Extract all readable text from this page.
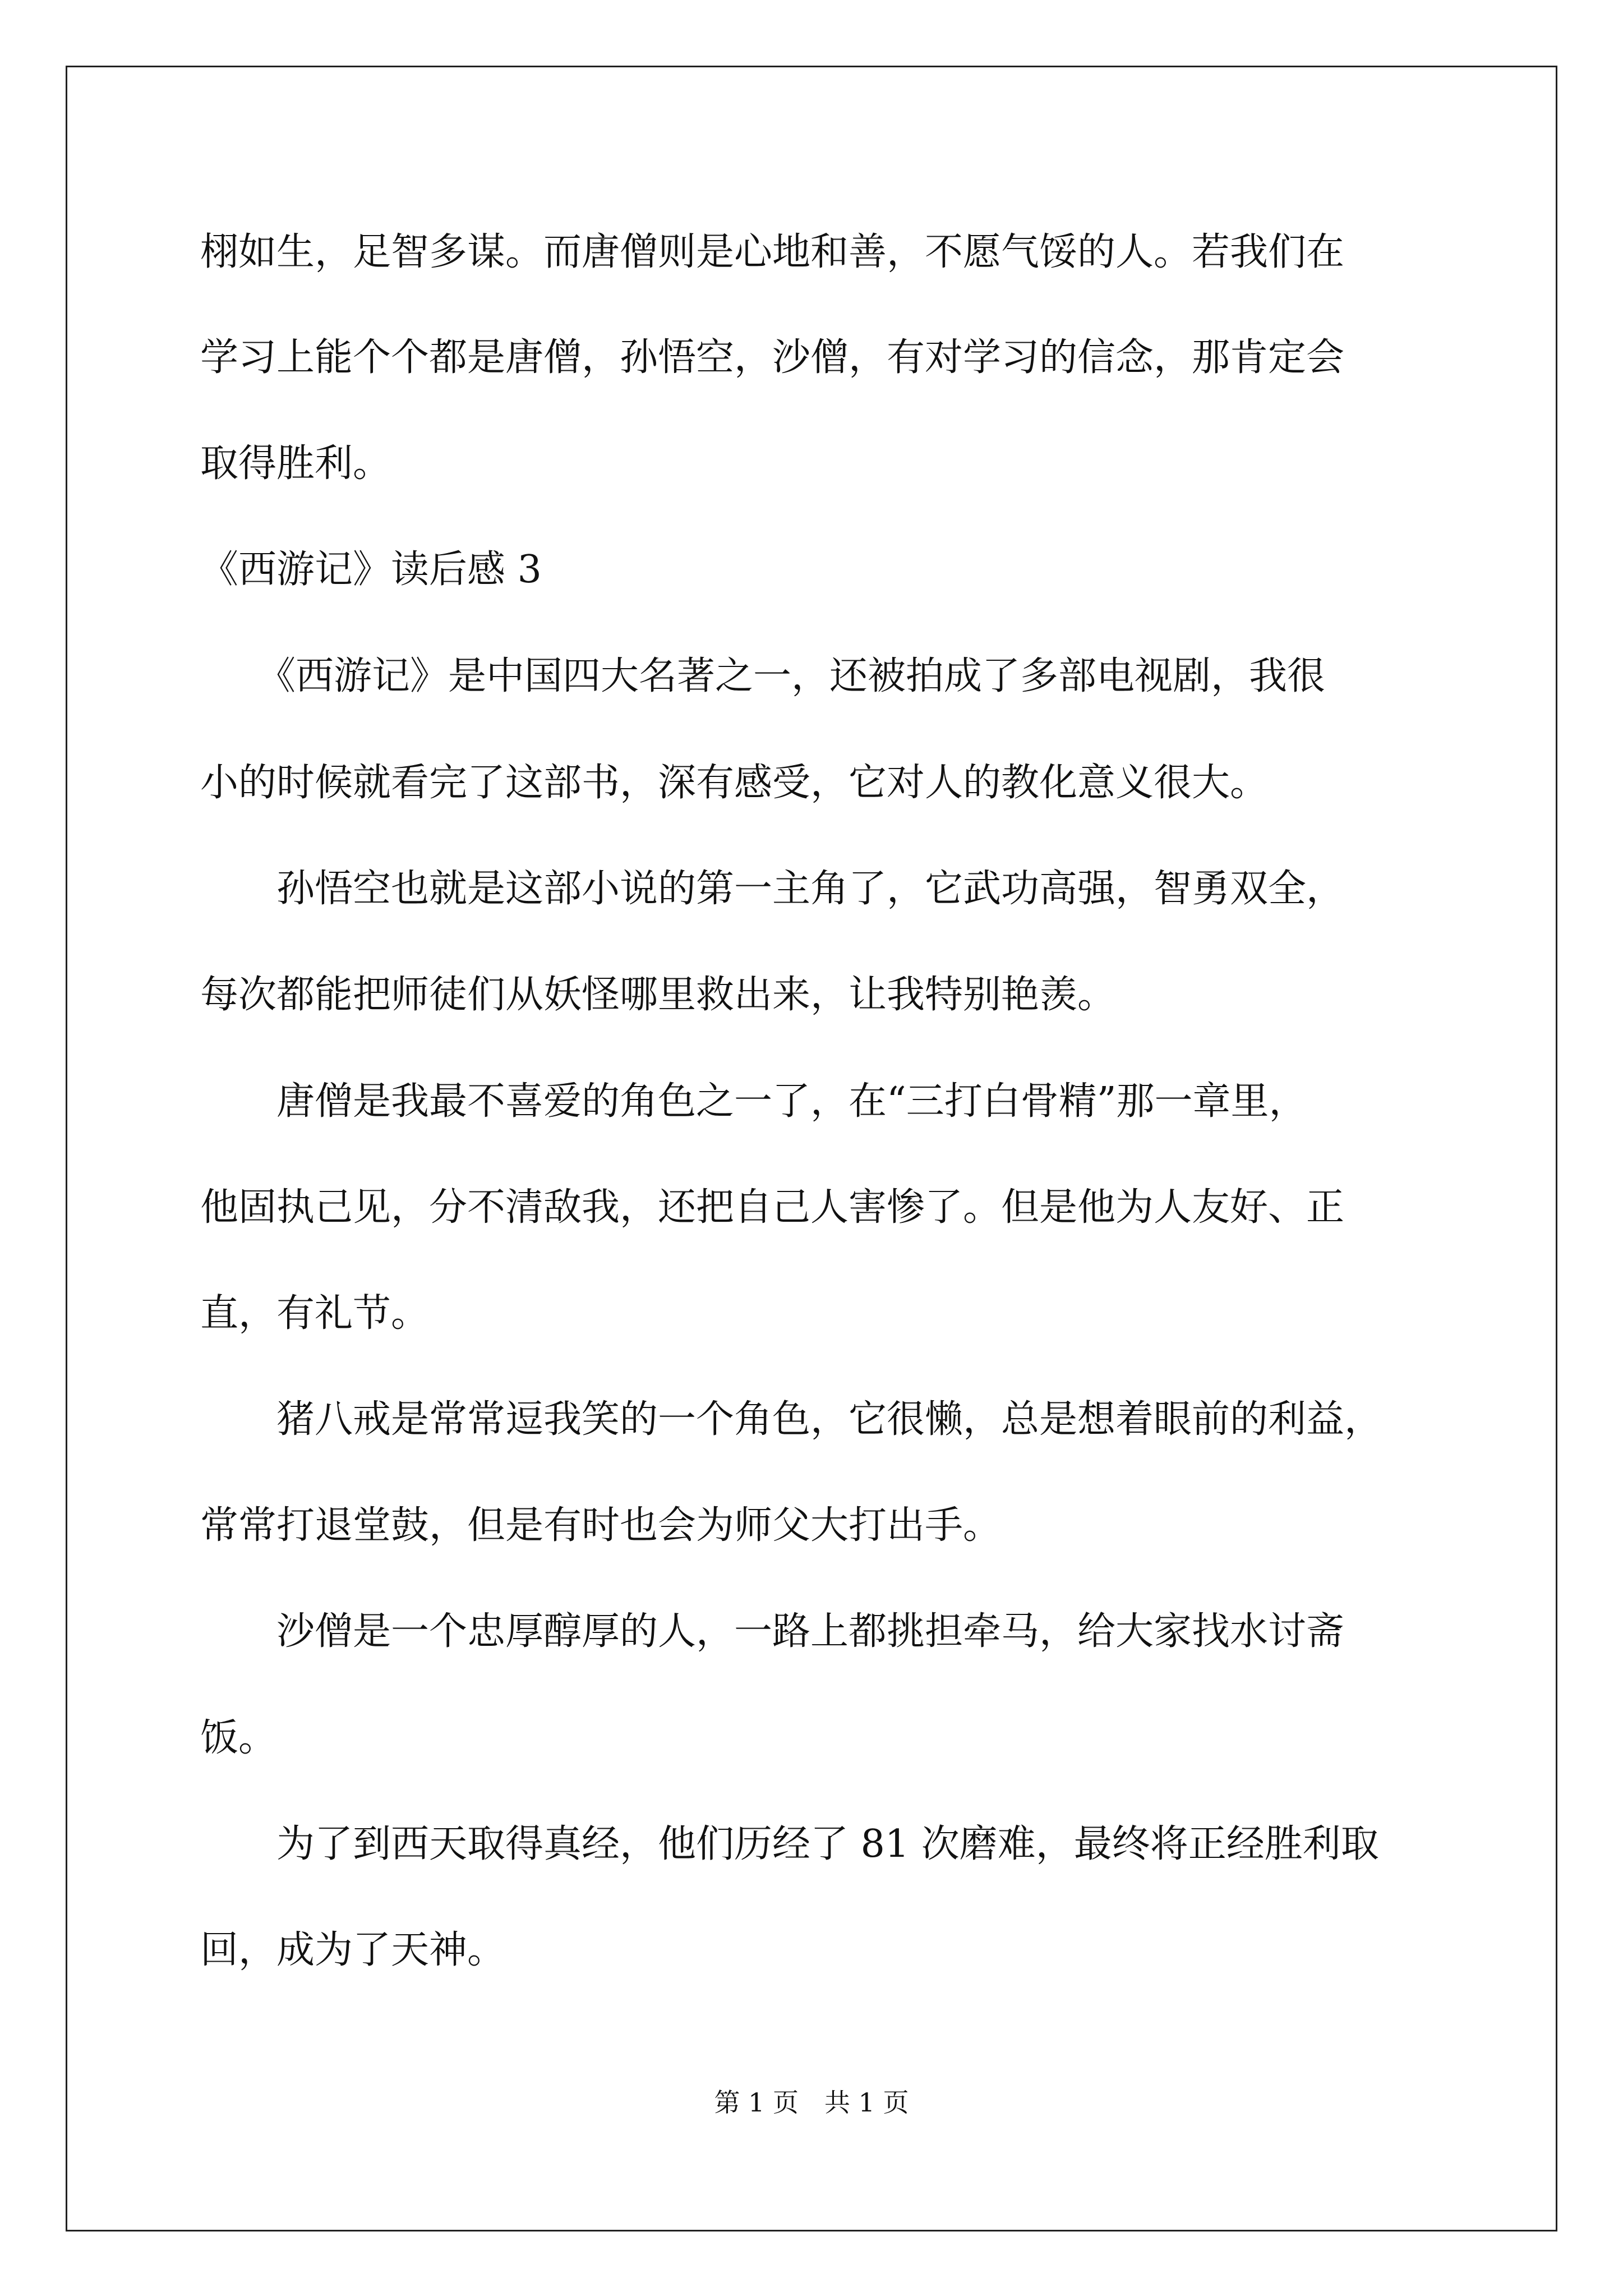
栩如生，足智多谋。而唐僧则是心地和善，不愿气馁的人。若我们在
学习上能个个都是唐僧，孙悟空，沙僧，有对学习的信念，那肯定会
取得胜利。
《西游记》读后感 3
　　《西游记》是中国四大名著之一，还被拍成了多部电视剧，我很
小的时候就看完了这部书，深有感受，它对人的教化意义很大。
　　孙悟空也就是这部小说的第一主角了，它武功高强，智勇双全，
每次都能把师徒们从妖怪哪里救出来，让我特别艳羡。
　　唐僧是我最不喜爱的角色之一了，在“三打白骨精”那一章里，
他固执己见，分不清敌我，还把自己人害惨了。但是他为人友好、正
直，有礼节。
　　猪八戒是常常逗我笑的一个角色，它很懒，总是想着眼前的利益，
常常打退堂鼓，但是有时也会为师父大打出手。
　　沙僧是一个忠厚醇厚的人，一路上都挑担牵马，给大家找水讨斋
饭。
　　为了到西天取得真经，他们历经了 81 次磨难，最终将正经胜利取
回，成为了天神。
第 1 页　共 1 页
